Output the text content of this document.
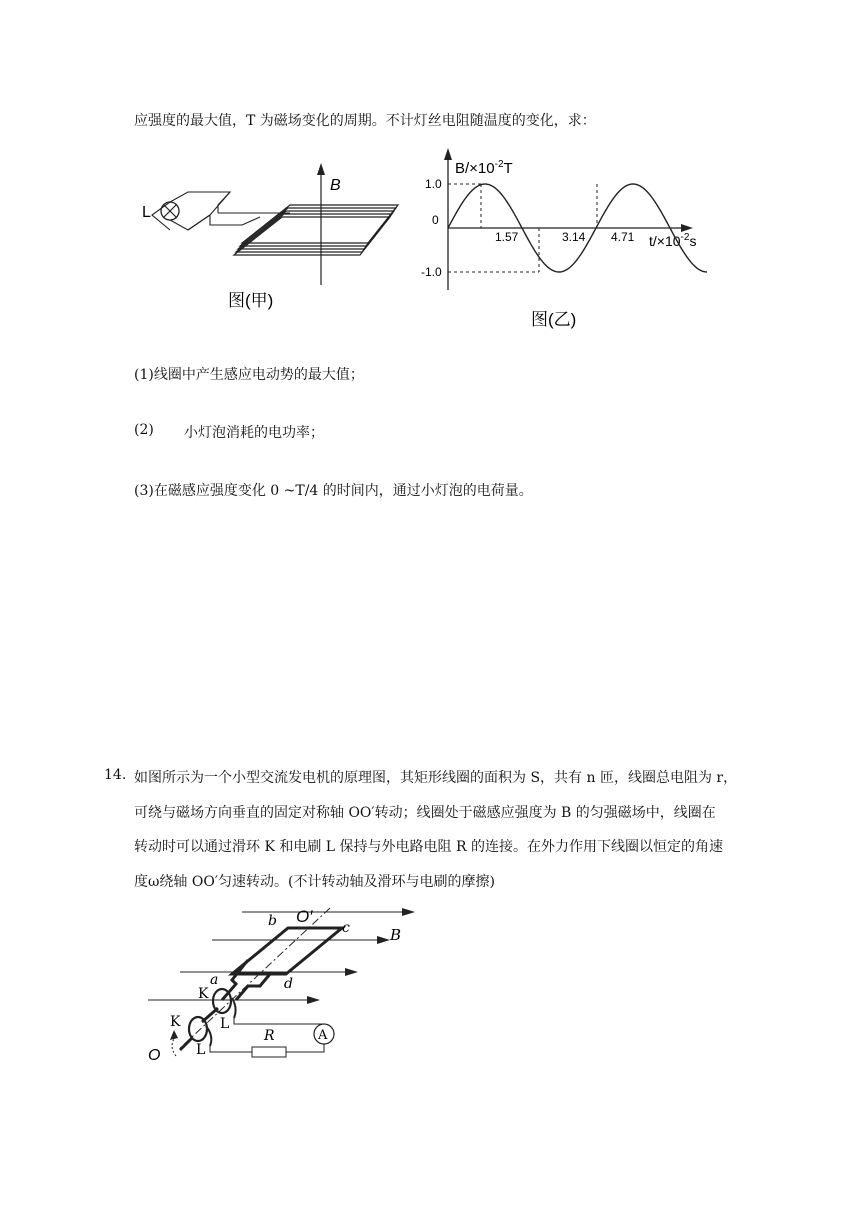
应强度的最大值，T 为磁场变化的周期。不计灯丝电阻随温度的变化，求：
L
B
图(甲)
$B/\times 10^{-2}T$
$t/\times 10^{-2}s$
1.0
0
-1.0
1.57	3.14 4.71
图(乙)
(1)线圈中产生感应电动势的最大值；
(2) 小灯泡消耗的电功率；
(3)在磁感应强度变化 0 ~T/4 的时间内，通过小灯泡的电荷量。
14. 如图所示为一个小型交流发电机的原理图，其矩形线圈的面积为 S，共有 n 匝，线圈总电阻为 r，
可绕与磁场方向垂直的固定对称轴 OO′转动；线圈处于磁感应强度为 B 的匀强磁场中，线圈在
转动时可以通过滑环 K 和电刷 L 保持与外电路电阻 R 的连接。在外力作用下线圈以恒定的角速
度ω绕轴 OO′匀速转动。(不计转动轴及滑环与电刷的摩擦)
b O′
c	B
a	d
K
L
K
L
R	A
O
